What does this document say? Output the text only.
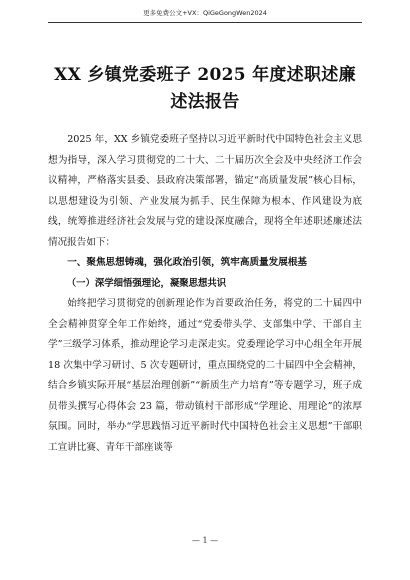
更多免费公文+VX：QiGeGongWen2024
XX 乡镇党委班子 2025 年度述职述廉述法报告

2025 年，XX 乡镇党委班子坚持以习近平新时代中国特色社会主义思想为指导，深入学习贯彻党的二十大、二十届历次全会及中央经济工作会议精神，严格落实县委、县政府决策部署，锚定“高质量发展”核心目标，以思想建设为引领、产业发展为抓手、民生保障为根本、作风建设为底线，统筹推进经济社会发展与党的建设深度融合，现将全年述职述廉述法情况报告如下：

一、聚焦思想铸魂，强化政治引领，筑牢高质量发展根基

（一）深学细悟强理论，凝聚思想共识

始终把学习贯彻党的创新理论作为首要政治任务，将党的二十届四中全会精神贯穿全年工作始终，通过“党委带头学、支部集中学、干部自主学”三级学习体系，推动理论学习走深走实。党委理论学习中心组全年开展 18 次集中学习研讨、5 次专题研讨，重点围绕党的二十届四中全会精神，结合乡镇实际开展“基层治理创新”“新质生产力培育”等专题学习，班子成员带头撰写心得体会 23 篇，带动镇村干部形成“学理论、用理论”的浓厚氛围。同时，举办“学思践悟习近平新时代中国特色社会主义思想”干部职工宣讲比赛、青年干部座谈等

— 1 —
